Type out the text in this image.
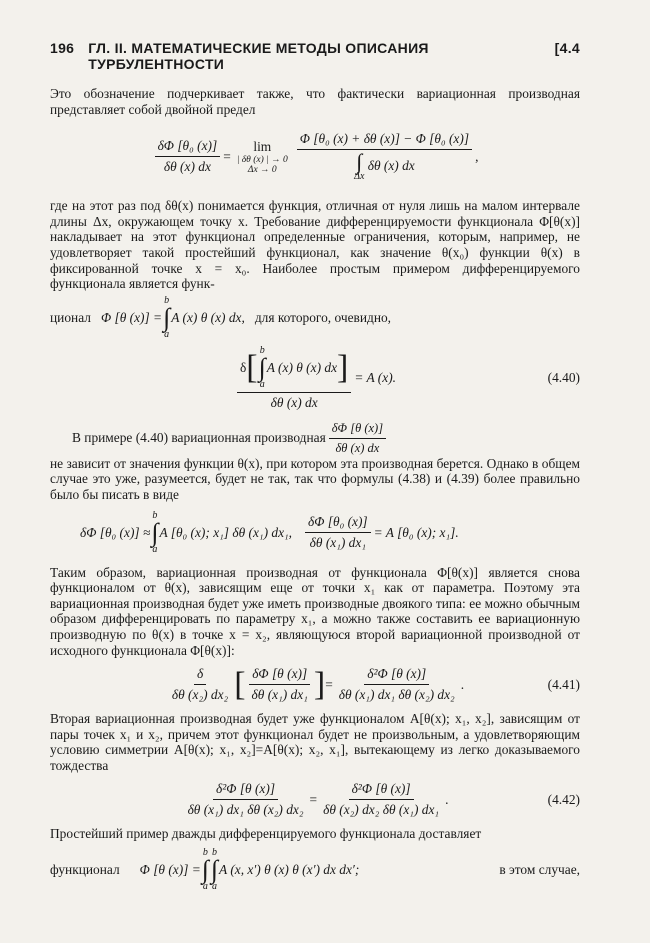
196 ГЛ. II. МАТЕМАТИЧЕСКИЕ МЕТОДЫ ОПИСАНИЯ ТУРБУЛЕНТНОСТИ
[4.4

Это обозначение подчеркивает также, что фактически вариационная производная представляет собой двойной предел

$\frac{\text{δΦ [θ₀ (x)]}}{\delta\theta (x) dx}$ =
lim
| δθ (x) | → 0
Δx → 0 Φ [θ₀ (x) + δθ (x)] − Φ [θ₀ (x)]
∫
Δx
δθ (x) dx ,

где на этот раз под δθ(x) понимается функция, отличная от нуля лишь на малом интервале длины Δx, окружающем точку x. Требование дифференцируемости функционала Φ[θ(x)] накладывает на этот функционал определенные ограничения, которым, например, не удовлетворяет такой простейший функционал, как значение θ(x₀) функции θ(x) в фиксированной точке x = x₀. Наиболее простым примером дифференцируемого функционала является функ-

ционал Φ [θ (x)] =
b
∫
a
A (x) θ (x) dx, для которого, очевидно,
δ [ b
∫
a
A (x) θ (x) dx ]
δθ (x) dx
= A (x).	(4.40)
В примере (4.40) вариационная производная $\frac{\delta\Phi [\theta (x)]}{\delta\theta (x) dx}$

не зависит от значения функции θ(x), при котором эта производная берется. Однако в общем случае это уже, разумеется, будет не так, так что формулы (4.38) и (4.39) более правильно было бы писать в виде

δΦ [θ₀ (x)] ≈
b
∫
a
A [θ₀ (x); x₁] δθ (x₁) dx₁, $\frac{\text{δΦ [θ₀ (x)]}}{\text{δθ (x₁) dx₁}} = A$ [θ₀ (x); x₁].

Таким образом, вариационная производная от функционала Φ[θ(x)] является снова функционалом от θ(x), зависящим еще от точки x₁ как от параметра. Поэтому эта вариационная производная будет уже иметь производные двоякого типа: ее можно обычным образом дифференцировать по параметру x₁, а можно также составить ее вариационную производную по θ(x) в точке x = x₂, являющуюся второй вариационной производной от исходного функционала Φ[θ(x)]:

$\frac{\delta}{\text{δθ (x₂) dx₂}}$ [ $\frac{\delta\Phi [\theta (x)]}{\text{δθ (x₁) dx₁}}$ ] = $\frac{\text{δ²Φ [θ (x)]}}{\text{δθ (x₁) dx₁ δθ (x₂) dx₂}}$ .	(4.41)

Вторая вариационная производная будет уже функционалом A[θ(x); x₁, x₂], зависящим от пары точек x₁ и x₂, причем этот функционал будет не произвольным, а удовлетворяющим условию симметрии A[θ(x); x₁, x₂]=A[θ(x); x₂, x₁], вытекающему из легко доказываемого тождества

$\frac{\text{δ²Φ [θ (x)]}}{\text{δθ (x₁) dx₁ δθ (x₂) dx₂}} = \frac{\text{δ²Φ [θ (x)]}}{\text{δθ (x₂) dx₂ δθ (x₁) dx₁}}$ .	(4.42)

Простейший пример дважды дифференцируемого функционала доставляет

функционал Φ [θ (x)] =
b
∫
a
b
∫
a
A (x, x′) θ (x) θ (x′) dx dx′;	в этом случае,
